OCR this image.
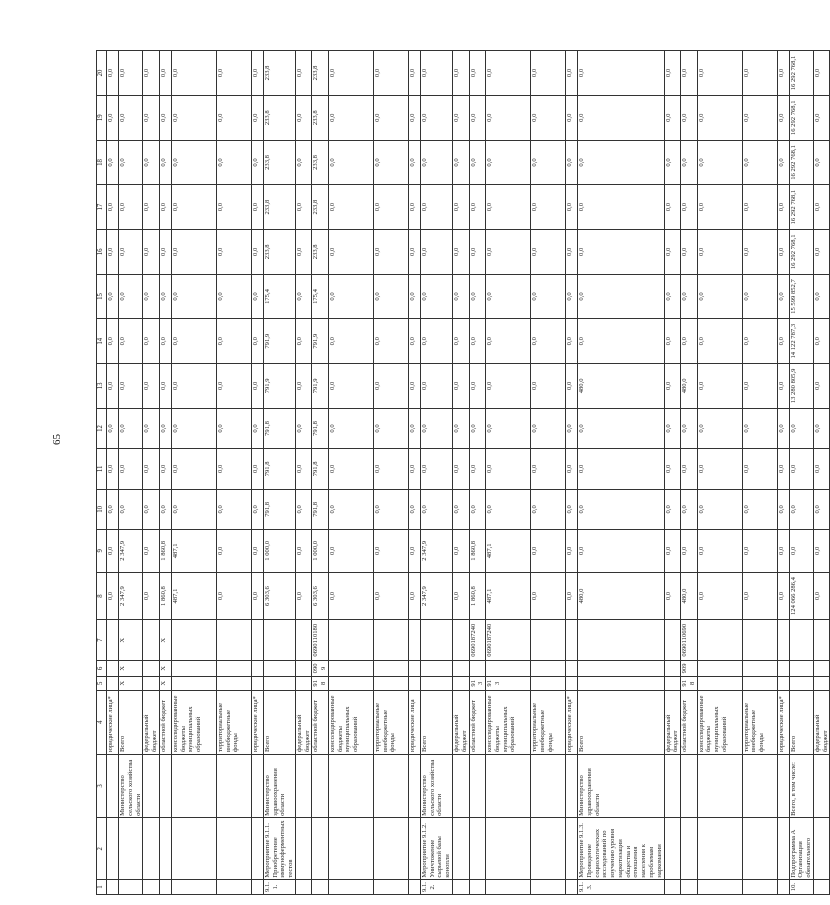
65
1	2	3	4	5	6	7	8	9	10	11	12	13	14	15	16	17	18	19	20
			юридические лица*				0,0	0,0	0,0	0,0	0,0	0,0	0,0	0,0	0,0	0,0	0,0	0,0	0,0
		Министерство сельского хозяйства области	Всего	Х	Х	Х	2 347,9	2 347,9	0,0	0,0	0,0	0,0	0,0	0,0	0,0	0,0	0,0	0,0	0,0
			федеральный бюджет				0,0	0,0	0,0	0,0	0,0	0,0	0,0	0,0	0,0	0,0	0,0	0,0	0,0
			областной бюджет	Х	Х	Х	1 860,8	1 860,8	0,0	0,0	0,0	0,0	0,0	0,0	0,0	0,0	0,0	0,0	0,0
			консолидированные бюджеты муниципальных образований				487,1	487,1	0,0	0,0	0,0	0,0	0,0	0,0	0,0	0,0	0,0	0,0	0,0
			территориальные внебюджетные фонды				0,0	0,0	0,0	0,0	0,0	0,0	0,0	0,0	0,0	0,0	0,0	0,0	0,0
			юридические лица*				0,0	0,0	0,0	0,0	0,0	0,0	0,0	0,0	0,0	0,0	0,0	0,0	0,0
9.1.1.	Мероприятие 9.1.1. Приобретение иммуноферментных тестов	Министерство здравоохранения области	Всего				6 303,6	1 000,0	791,8	791,8	791,8	791,9	791,9	175,4	233,8	233,8	233,8	233,8	233,8
			федеральный бюджет				0,0	0,0	0,0	0,0	0,0	0,0	0,0	0,0	0,0	0,0	0,0	0,0	0,0
			областной бюджет	918	0909	0690110180	6 303,6	1 000,0	791,8	791,8	791,8	791,9	791,9	175,4	233,8	233,8	233,8	233,8	233,8
			консолидированные бюджеты муниципальных образований				0,0	0,0	0,0	0,0	0,0	0,0	0,0	0,0	0,0	0,0	0,0	0,0	0,0
			территориальные внебюджетные фонды				0,0	0,0	0,0	0,0	0,0	0,0	0,0	0,0	0,0	0,0	0,0	0,0	0,0
			юридические лица				0,0	0,0	0,0	0,0	0,0	0,0	0,0	0,0	0,0	0,0	0,0	0,0	0,0
9.1.2.	Мероприятие 9.1.2. Уничтожение сырьевой базы конопли	Министерство сельского хозяйства области	Всего				2 347,9	2 347,9	0,0	0,0	0,0	0,0	0,0	0,0	0,0	0,0	0,0	0,0	0,0
			федеральный бюджет				0,0	0,0	0,0	0,0	0,0	0,0	0,0	0,0	0,0	0,0	0,0	0,0	0,0
			областной бюджет	913		0690187240	1 860,8	1 860,8	0,0	0,0	0,0	0,0	0,0	0,0	0,0	0,0	0,0	0,0	0,0
			консолидированные бюджеты муниципальных образований	913		0690187240	487,1	487,1	0,0	0,0	0,0	0,0	0,0	0,0	0,0	0,0	0,0	0,0	0,0
			территориальные внебюджетные фонды				0,0	0,0	0,0	0,0	0,0	0,0	0,0	0,0	0,0	0,0	0,0	0,0	0,0
			юридические лица*				0,0	0,0	0,0	0,0	0,0	0,0	0,0	0,0	0,0	0,0	0,0	0,0	0,0
9.1.3.	Мероприятие 9.1.3. Проведение социологических исследований по изучению уровня наркотизации общества и отношения населения к проблемам наркомании	Министерство здравоохранения области	Всего				480,0	0,0	0,0	0,0	0,0	480,0	0,0	0,0	0,0	0,0	0,0	0,0	0,0
			федеральный бюджет				0,0	0,0	0,0	0,0	0,0	0,0	0,0	0,0	0,0	0,0	0,0	0,0	0,0
			областной бюджет	918	909	0690110690	480,0	0,0	0,0	0,0	0,0	480,0	0,0	0,0	0,0	0,0	0,0	0,0	0,0
			консолидированные бюджеты муниципальных образований				0,0	0,0	0,0	0,0	0,0	0,0	0,0	0,0	0,0	0,0	0,0	0,0	0,0
			территориальные внебюджетные фонды				0,0	0,0	0,0	0,0	0,0	0,0	0,0	0,0	0,0	0,0	0,0	0,0	0,0
			юридические лица*				0,0	0,0	0,0	0,0	0,0	0,0	0,0	0,0	0,0	0,0	0,0	0,0	0,0
10.	Подпрограмма А Организация обязательного	Всего, в том числе:	Всего				124 066 286,4	0,0	0,0	0,0	0,0	13 280 805,9	14 122 787,3	15 599 852,7	16 292 768,1	16 292 768,1	16 292 768,1	16 292 768,1	16 292 768,1
			федеральный бюджет				0,0	0,0	0,0	0,0	0,0	0,0	0,0	0,0	0,0	0,0	0,0	0,0	0,0
